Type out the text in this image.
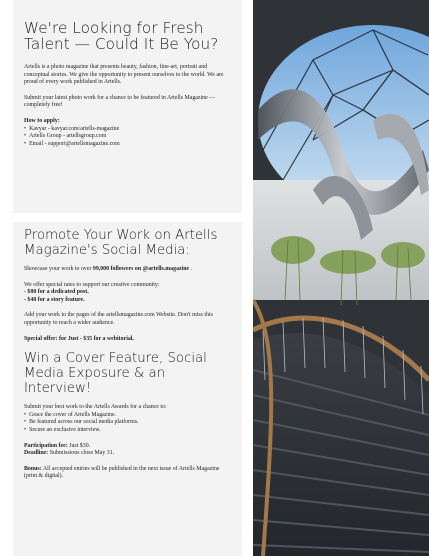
We're Looking for Fresh Talent — Could It Be You?

Artells is a photo magazine that presents beauty, fashion, fine-art, portrait and conceptual stories. We give the opportunity to present ourselves to the world. We are proud of every work published in Artells.

Submit your latest photo work for a chance to be featured in Artells Magazine — completely free!

How to apply:

• Kavyar - kavyar.com/artells-magazine
• Artells Group - artellsgroup.com
• Email - support@artellsmagazine.com
Promote Your Work on Artells Magazine's Social Media:

Showcase your work to over 99,000 followers on @artells.magazine .

We offer special rates to support our creative community:

- $80 for a dedicated post.

- $40 for a story feature.

Add your work to the pages of the artellsmagazine.com Website. Don't miss this opportunity to reach a wider audience.

Special offer: for Just - $35 for a webitorial.

Win a Cover Feature, Social Media Exposure & an Interview!

Submit your best work to the Artells Awards for a chance to:

• Grace the cover of Artells Magazine.
• Be featured across our social media platforms.
• Secure an exclusive interview.

Participation fee: Just $30.

Deadline: Submissions close May 31.

Bonus: All accepted entries will be published in the next issue of Artells Magazine (print & digital).
